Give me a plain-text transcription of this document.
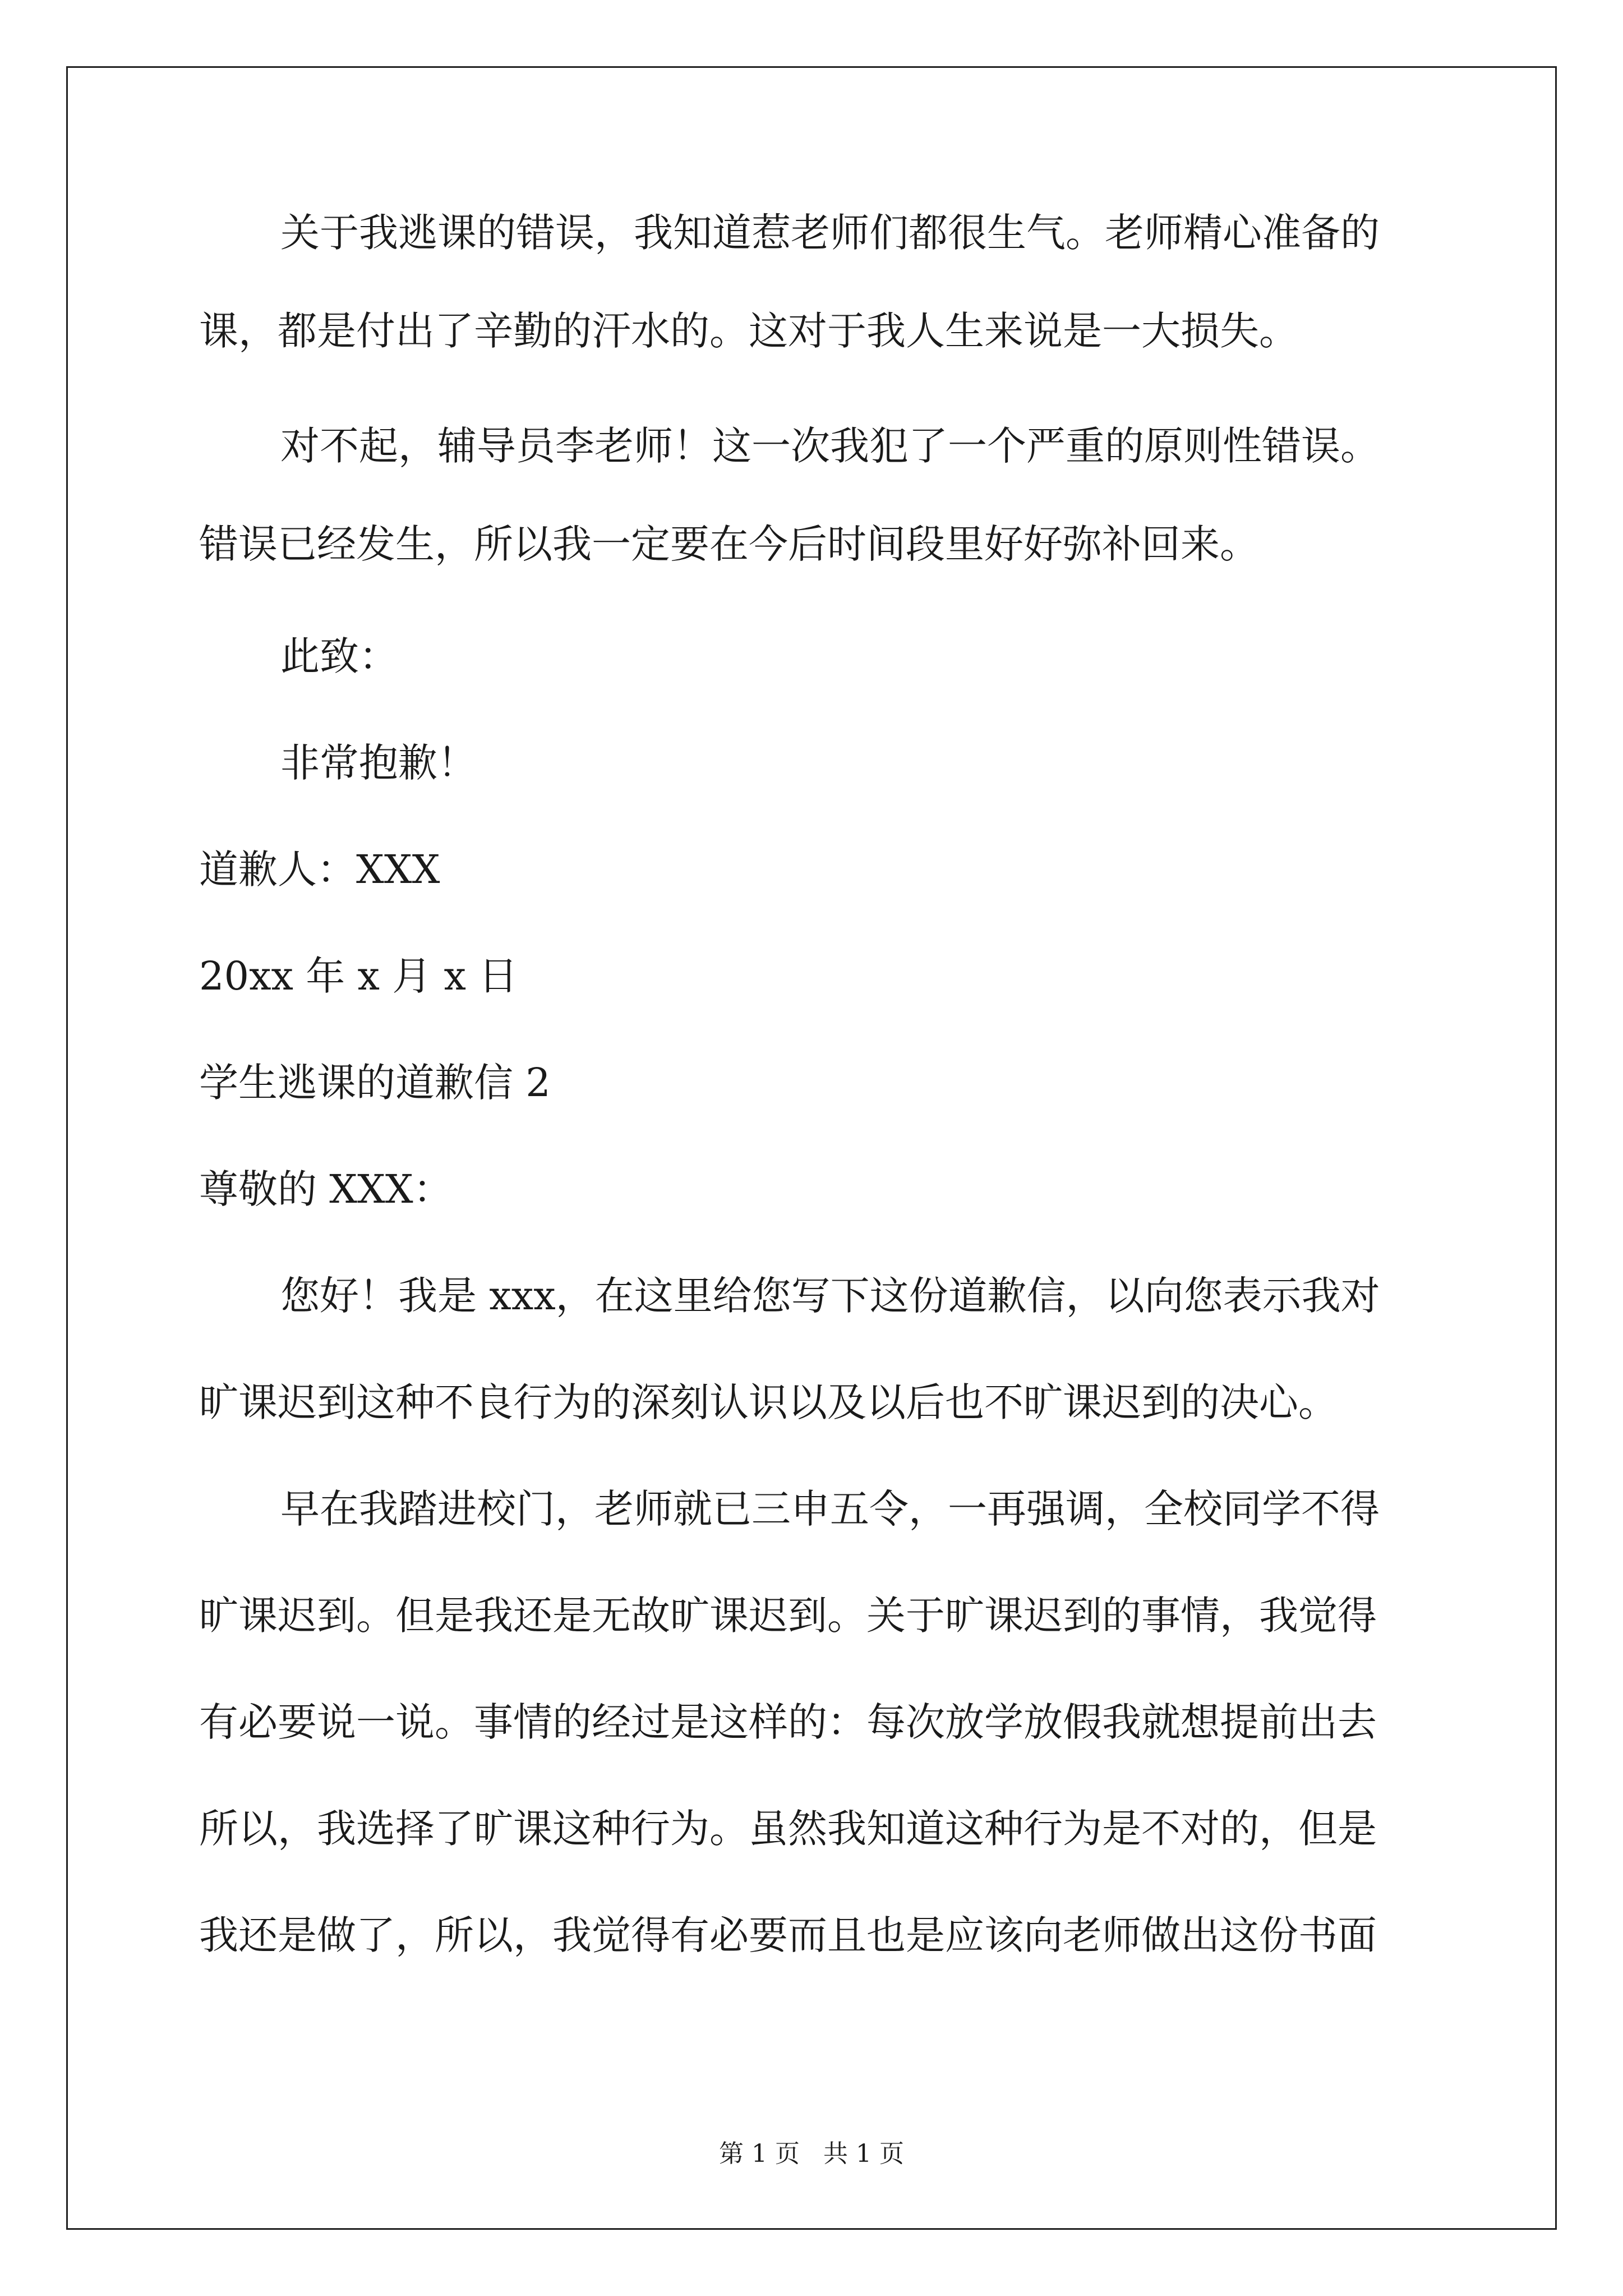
关于我逃课的错误，我知道惹老师们都很生气。老师精心准备的
课，都是付出了辛勤的汗水的。这对于我人生来说是一大损失。
对不起，辅导员李老师！这一次我犯了一个严重的原则性错误。
错误已经发生，所以我一定要在今后时间段里好好弥补回来。
此致：
非常抱歉！
道歉人：XXX
20xx 年 x 月 x 日
学生逃课的道歉信 2
尊敬的 XXX：
您好！我是 xxx，在这里给您写下这份道歉信，以向您表示我对
旷课迟到这种不良行为的深刻认识以及以后也不旷课迟到的决心。
早在我踏进校门，老师就已三申五令，一再强调，全校同学不得
旷课迟到。但是我还是无故旷课迟到。关于旷课迟到的事情，我觉得
有必要说一说。事情的经过是这样的：每次放学放假我就想提前出去
所以，我选择了旷课这种行为。虽然我知道这种行为是不对的，但是
我还是做了，所以，我觉得有必要而且也是应该向老师做出这份书面
第 1 页   共 1 页
